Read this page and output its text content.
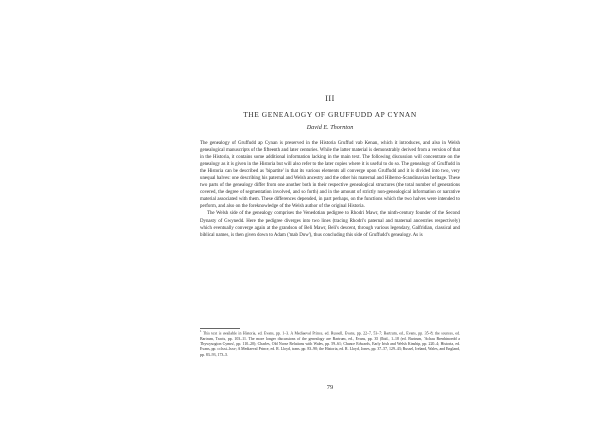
III
THE GENEALOGY OF GRUFFUDD AP CYNAN
David E. Thornton

The genealogy of Gruffudd ap Cynan is preserved in the Historia Gruffud vab Kenan, which it introduces, and also in Welsh genealogical manuscripts of the fifteenth and later centuries. While the latter material is demonstrably derived from a version of that in the Historia, it contains some additional information lacking in the main text. The following discussion will concentrate on the genealogy as it is given in the Historia but will also refer to the later copies where it is useful to do so. The genealogy of Gruffudd in the Historia can be described as 'bipartite' in that its various elements all converge upon Gruffudd and it is divided into two, very unequal halves: one describing his paternal and Welsh ancestry and the other his maternal and Hiberno-Scandinavian heritage. These two parts of the genealogy differ from one another both in their respective genealogical structures (the total number of generations covered, the degree of segmentation involved, and so forth) and in the amount of strictly non-genealogical information or narrative material associated with them. These differences depended, in part perhaps, on the functions which the two halves were intended to perform, and also on the foreknowledge of the Welsh author of the original Historia.

The Welsh side of the genealogy comprises the Venedotian pedigree to Rhodri Mawr, the ninth-century founder of the Second Dynasty of Gwynedd. Here the pedigree diverges into two lines (tracing Rhodri's paternal and maternal ancestries respectively) which eventually converge again at the grandson of Beli Mawr, Beli's descent, through various legendary, Galfridian, classical and biblical names, is then given down to Adam ('mab Duw'), thus concluding this side of Gruffudd's genealogy. As is

$^1$ This text is available in Historia, ed. Evans, pp. 1–3. A Mediaeval Prince, ed. Russell, Evans, pp. 22–7, 53–7; Bartrum, ed., Evans, pp. 35–8; the sources, ed. Bartrum, Tracts, pp. 103–11. The more longer discussions of the genealogy are Bartrum, ed., Evans, pp. 35 (Ibid., 1–18 (ed. Bartrum, 'Achau Brenhinoedd a Thywysogion Cymru', pp. 110–20); Charles, Old Norse Relations with Wales, pp. 59–61; Chance Edwards, Early Irish and Welsh Kinship, pp. 220–4; Historia, ed. Evans, pp. cclxxi–lxxv; A Mediaeval Prince, ed. R. Lloyd, trans. pp. 83–90; the Historia, ed. R. Lloyd, Jones, pp. 37–57, 129–43; Russel, Ireland, Wales, and England, pp. 83–93, 173–5.
79
